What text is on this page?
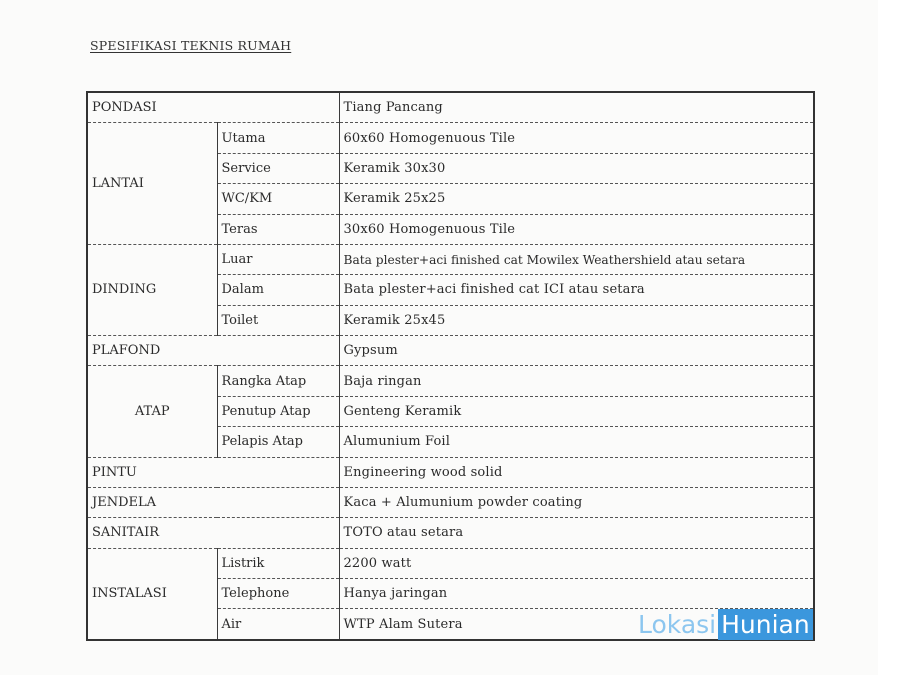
SPESIFIKASI TEKNIS RUMAH
PONDASI		Tiang Pancang
LANTAI	Utama	60x60 Homogenuous Tile
	Service	Keramik 30x30
	WC/KM	Keramik 25x25
	Teras	30x60 Homogenuous Tile
DINDING	Luar	Bata plester+aci finished cat Mowilex Weathershield atau setara
	Dalam	Bata plester+aci finished cat ICI atau setara
	Toilet	Keramik 25x45
PLAFOND		Gypsum
ATAP	Rangka Atap	Baja ringan
	Penutup Atap	Genteng Keramik
	Pelapis Atap	Alumunium Foil
PINTU		Engineering wood solid
JENDELA		Kaca + Alumunium powder coating
SANITAIR		TOTO atau setara
INSTALASI	Listrik	2200 watt
	Telephone	Hanya jaringan
	Air	WTP Alam Sutera	Lokasi Hunian
